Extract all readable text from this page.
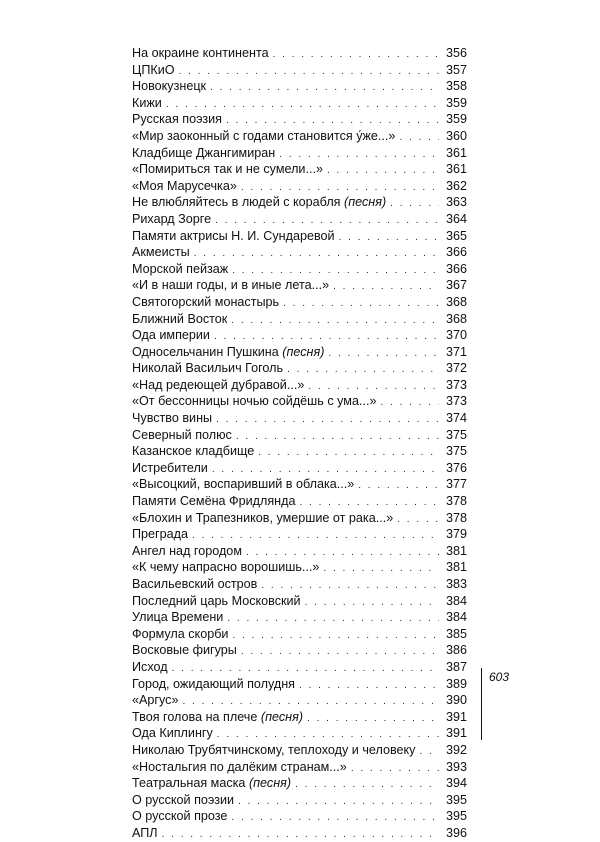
На окраине континента . . .	356
ЦПКиО . . .	357
Новокузнецк . . .	358
Кижи . . .	359
Русская поэзия . . .	359
«Мир заоконный с годами становится у́же...» . . .	360
Кладбище Джангимиран . . .	361
«Помириться так и не сумели...» . . .	361
«Моя Марусечка» . . .	362
Не влюбляйтесь в людей с корабля (песня) . . .	363
Рихард Зорге . . .	364
Памяти актрисы Н. И. Сундаревой . . .	365
Акмеисты . . .	366
Морской пейзаж . . .	366
«И в наши годы, и в иные лета...» . . .	367
Святогорский монастырь . . .	368
Ближний Восток . . .	368
Ода империи . . .	370
Односельчанин Пушкина (песня) . . .	371
Николай Васильич Гоголь . . .	372
«Над редеющей дубравой...» . . .	373
«От бессонницы ночью сойдёшь с ума...» . . .	373
Чувство вины . . .	374
Северный полюс . . .	375
Казанское кладбище . . .	375
Истребители . . .	376
«Высоцкий, воспаривший в облака...» . . .	377
Памяти Семёна Фридлянда . . .	378
«Блохин и Трапезников, умершие от рака...» . . .	378
Преграда . . .	379
Ангел над городом . . .	381
«К чему напрасно ворошишь...» . . .	381
Васильевский остров . . .	383
Последний царь Московский . . .	384
Улица Времени . . .	384
Формула скорби . . .	385
Восковые фигуры . . .	386
Исход . . .	387
Город, ожидающий полудня . . .	389
«Аргус» . . .	390
Твоя голова на плече (песня) . . .	391
Ода Киплингу . . .	391
Николаю Трубятчинскому, теплоходу и человеку . . . 392
«Ностальгия по далёким странам...» . . .	393
Театральная маска (песня) . . .	394
О русской поэзии . . .	395
О русской прозе . . .	395
АПЛ . . .	396
603
